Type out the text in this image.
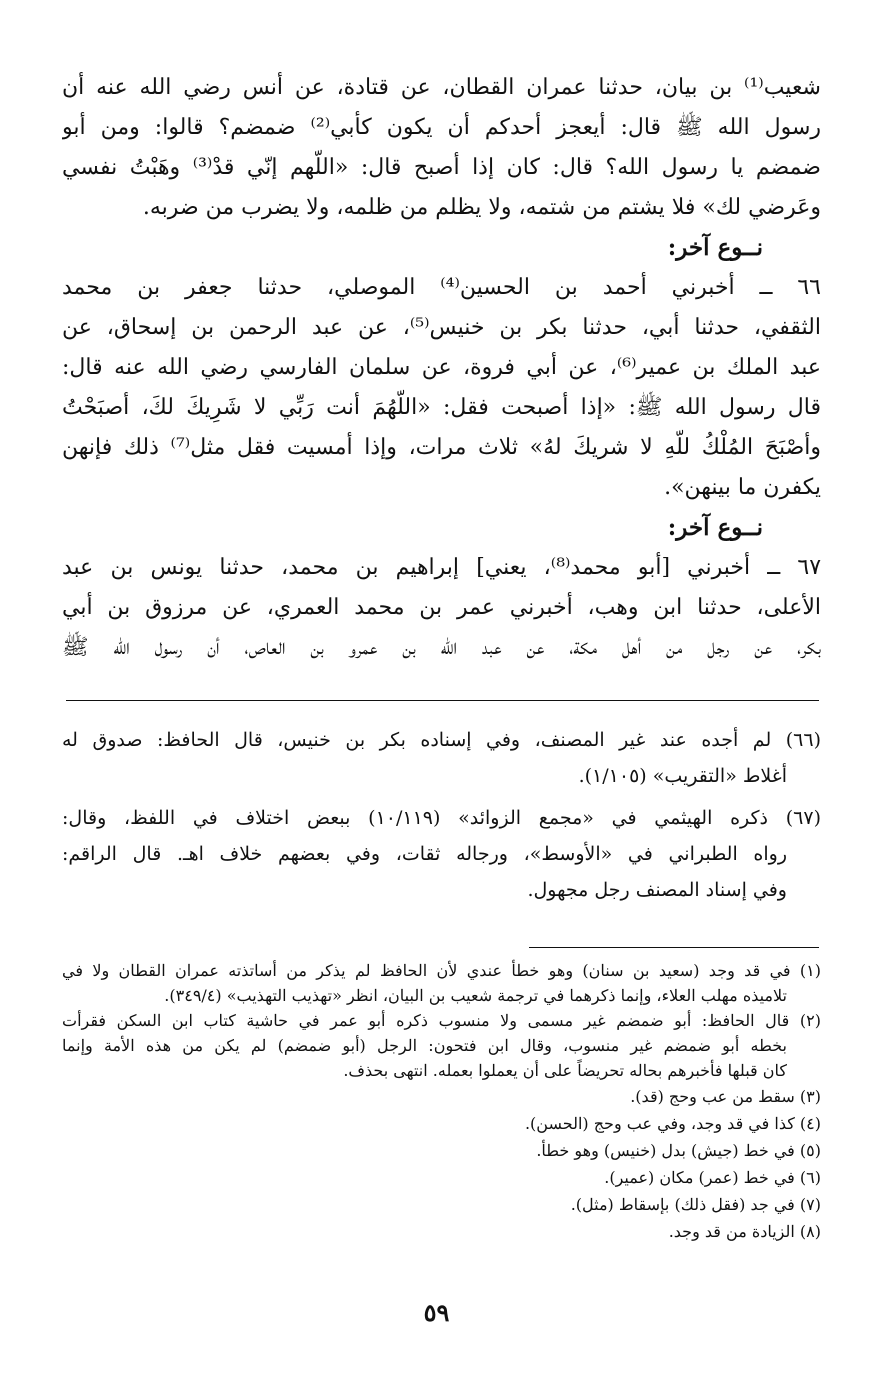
شعيب⁽¹⁾ بن بيان، حدثنا عمران القطان، عن قتادة، عن أنس رضي الله عنه أن
رسول الله ﷺ قال: أيعجز أحدكم أن يكون كأبي⁽²⁾ ضمضم؟ قالوا: ومن أبو
ضمضم يا رسول الله؟ قال: كان إذا أصبح قال: «اللّهم إنّي قدْ⁽³⁾ وهَبْتُ نفسي
وعَرضي لك» فلا يشتم من شتمه، ولا يظلم من ظلمه، ولا يضرب من ضربه.
نــوع آخر:
٦٦ ــ أخبرني أحمد بن الحسين⁽⁴⁾ الموصلي، حدثنا جعفر بن محمد
الثقفي، حدثنا أبي، حدثنا بكر بن خنيس⁽⁵⁾، عن عبد الرحمن بن إسحاق، عن
عبد الملك بن عمير⁽⁶⁾، عن أبي فروة، عن سلمان الفارسي رضي الله عنه قال:
قال رسول الله ﷺ: «إذا أصبحت فقل: «اللّهُمَ أنت رَبِّي لا شَرِيكَ لكَ، أصبَحْتُ
وأصْبَحَ المُلْكُ للّهِ لا شريكَ لهُ» ثلاث مرات، وإذا أمسيت فقل مثل⁽⁷⁾ ذلك فإنهن
يكفرن ما بينهن».
نــوع آخر:
٦٧ ــ أخبرني [أبو محمد⁽⁸⁾، يعني] إبراهيم بن محمد، حدثنا يونس بن عبد
الأعلى، حدثنا ابن وهب، أخبرني عمر بن محمد العمري، عن مرزوق بن أبي
بكر، عن رجل من أهل مكة، عن عبد الله بن عمرو بن العاص، أن رسول الله ﷺ
(٦٦) لم أجده عند غير المصنف، وفي إسناده بكر بن خنيس، قال الحافظ: صدوق له
أغلاط «التقريب» (١/١٠٥).
(٦٧) ذكره الهيثمي في «مجمع الزوائد» (١٠/١١٩) ببعض اختلاف في اللفظ، وقال:
رواه الطبراني في «الأوسط»، ورجاله ثقات، وفي بعضهم خلاف اهـ. قال الراقم:
وفي إسناد المصنف رجل مجهول.
(١) في قد وجد (سعيد بن سنان) وهو خطأ عندي لأن الحافظ لم يذكر من أساتذته عمران القطان ولا في
تلاميذه مهلب العلاء، وإنما ذكرهما في ترجمة شعيب بن البيان، انظر «تهذيب التهذيب» (٣٤٩/٤).
(٢) قال الحافظ: أبو ضمضم غير مسمى ولا منسوب ذكره أبو عمر في حاشية كتاب ابن السكن فقرأت
بخطه أبو ضمضم غير منسوب، وقال ابن فتحون: الرجل (أبو ضمضم) لم يكن من هذه الأمة وإنما
كان قبلها فأخبرهم بحاله تحريضاً على أن يعملوا بعمله. انتهى بحذف.
(٣) سقط من عب وحج (قد).
(٤) كذا في قد وجد، وفي عب وحج (الحسن).
(٥) في خط (جيش) بدل (خنيس) وهو خطأ.
(٦) في خط (عمر) مكان (عمير).
(٧) في جد (فقل ذلك) بإسقاط (مثل).
(٨) الزيادة من قد وجد.
٥٩
